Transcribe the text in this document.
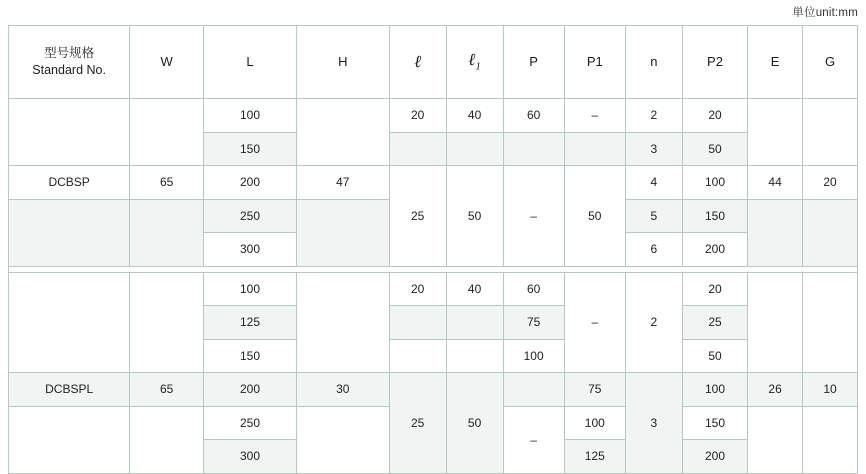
単位unit:mm
型号规格
Standard No.	W	L	H	ℓ	ℓ$_1$	P	P1	n	P2	E	G
		100		20	40	60	–	2	20		
		150						3	50		
DCBSP	65	200	47	25	50	–	50	4	100	44	20
		250						5	150		
		300						6	200		

		100		20	40	60	–	2	20		
		125				75			25		
		150				100			50		
DCBSPL	65	200	30	25	50		75	3	100	26	10
		250				–	100		150		
		300					125		200		
